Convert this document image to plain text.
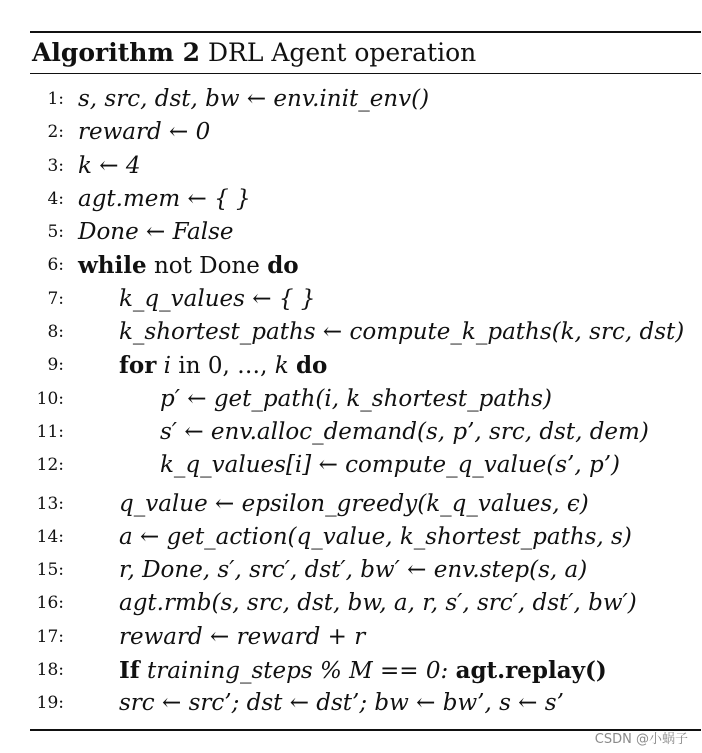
Algorithm 2 DRL Agent operation
1: s, src, dst, bw ← env.init_env()
2: reward ← 0
3: k ← 4
4: agt.mem ← { }
5: Done ← False
6: while not Done do
7: k_q_values ← { }
8: k_shortest_paths ← compute_k_paths(k, src, dst)
9: for i in 0, …, k do
10:	p′ ← get_path(i, k_shortest_paths)
11:	s′ ← env.alloc_demand(s, p’, src, dst, dem)
12:	k_q_values[i] ← compute_q_value(s’, p’)
13: q_value ← epsilon_greedy(k_q_values, ϵ)
14: a ← get_action(q_value, k_shortest_paths, s)
15: r, Done, s′, src′, dst′, bw′ ← env.step(s, a)
16: agt.rmb(s, src, dst, bw, a, r, s′, src′, dst′, bw′)
17: reward ← reward + r
18: If training_steps % M == 0: agt.replay()
19: src ← src’; dst ← dst’; bw ← bw’, s ← s’
CSDN @小蜗子
